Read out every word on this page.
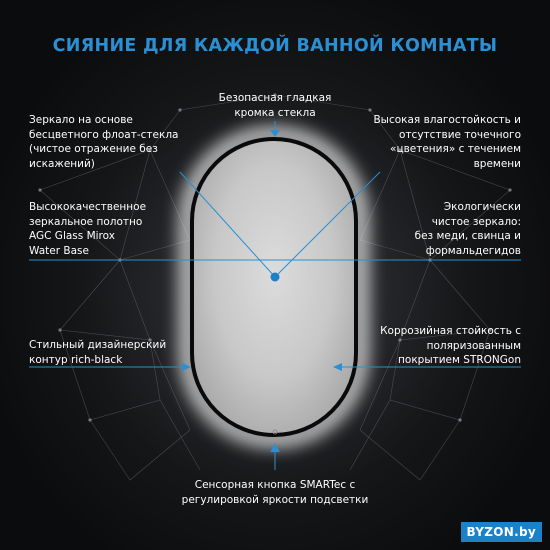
СИЯНИЕ ДЛЯ КАЖДОЙ ВАННОЙ КОМНАТЫ
Безопасная гладкая
кромка стекла
Зеркало на основе
бесцветного флоат-стекла
(чистое отражение без
искажений)
Высококачественное
зеркальное полотно
AGC Glass Mirox
Water Base
Стильный дизайнерский
контур rich-black
Высокая влагостойкость и
отсутствие точечного
«цветения» с течением
времени
Экологически
чистое зеркало:
без меди, свинца и
формальдегидов
Коррозийная стойкость с
поляризованным
покрытием STRONGon
Сенсорная кнопка SMARTec с
регулировкой яркости подсветки
BYZON.by
